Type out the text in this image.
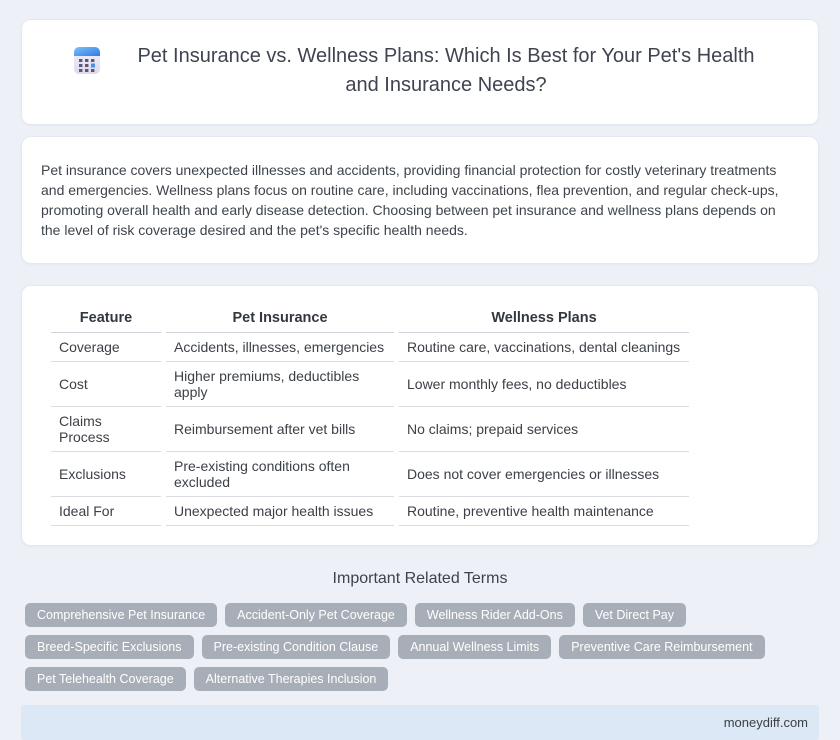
Pet Insurance vs. Wellness Plans: Which Is Best for Your Pet's Health and Insurance Needs?

Pet insurance covers unexpected illnesses and accidents, providing financial protection for costly veterinary treatments and emergencies. Wellness plans focus on routine care, including vaccinations, flea prevention, and regular check-ups, promoting overall health and early disease detection. Choosing between pet insurance and wellness plans depends on the level of risk coverage desired and the pet's specific health needs.

Feature	Pet Insurance	Wellness Plans
Coverage	Accidents, illnesses, emergencies	Routine care, vaccinations, dental cleanings
Cost	Higher premiums, deductibles apply	Lower monthly fees, no deductibles
Claims Process	Reimbursement after vet bills	No claims; prepaid services
Exclusions	Pre-existing conditions often excluded	Does not cover emergencies or illnesses
Ideal For	Unexpected major health issues	Routine, preventive health maintenance
Important Related Terms
Comprehensive Pet Insurance	Accident-Only Pet Coverage	Wellness Rider Add-Ons	Vet Direct Pay
Breed-Specific Exclusions	Pre-existing Condition Clause	Annual Wellness Limits	Preventive Care Reimbursement
Pet Telehealth Coverage	Alternative Therapies Inclusion
moneydiff.com
